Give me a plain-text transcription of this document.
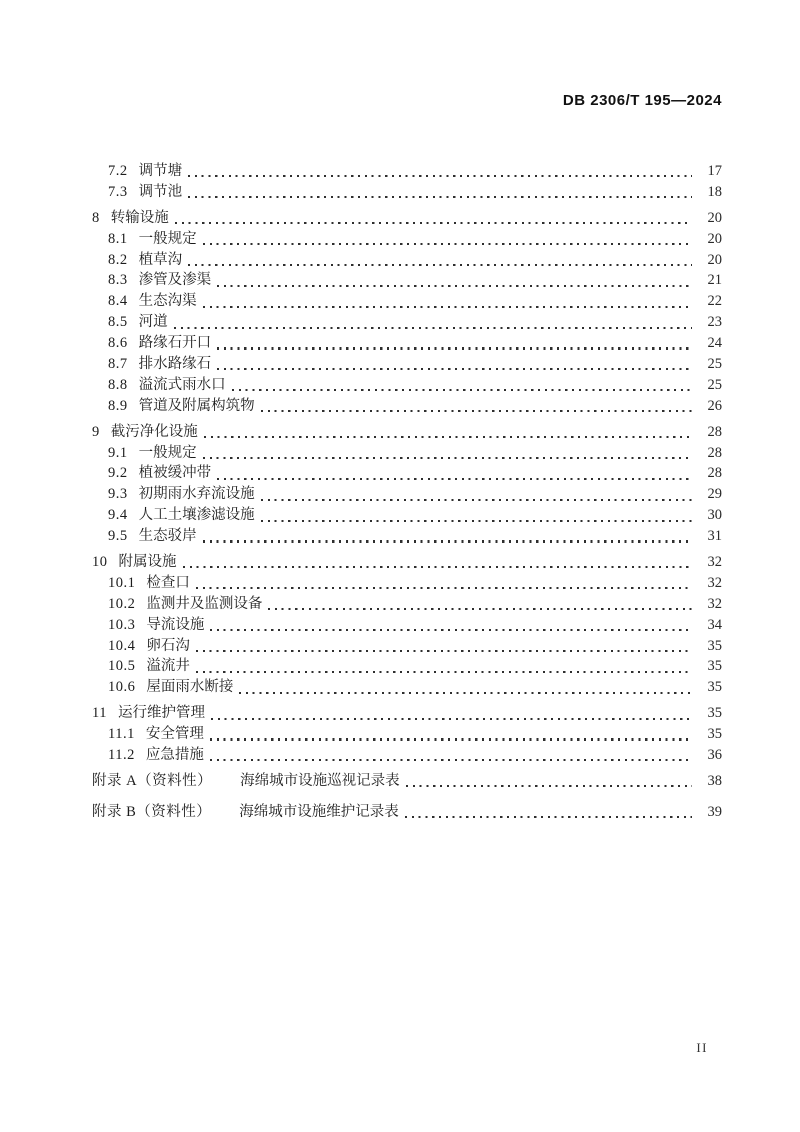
DB 2306/T 195—2024
7.2 调节塘	17
7.3 调节池	18
8 转输设施	20
8.1 一般规定	20
8.2 植草沟	20
8.3 渗管及渗渠	21
8.4 生态沟渠	22
8.5 河道	23
8.6 路缘石开口	24
8.7 排水路缘石	25
8.8 溢流式雨水口	25
8.9 管道及附属构筑物	26
9 截污净化设施	28
9.1 一般规定	28
9.2 植被缓冲带	28
9.3 初期雨水弃流设施	29
9.4 人工土壤渗滤设施	30
9.5 生态驳岸	31
10 附属设施	32
10.1 检查口	32
10.2 监测井及监测设备	32
10.3 导流设施	34
10.4 卵石沟	35
10.5 溢流井	35
10.6 屋面雨水断接	35
11 运行维护管理	35
11.1 安全管理	35
11.2 应急措施	36
附录 A（资料性） 海绵城市设施巡视记录表	38
附录 B（资料性） 海绵城市设施维护记录表	39
II
